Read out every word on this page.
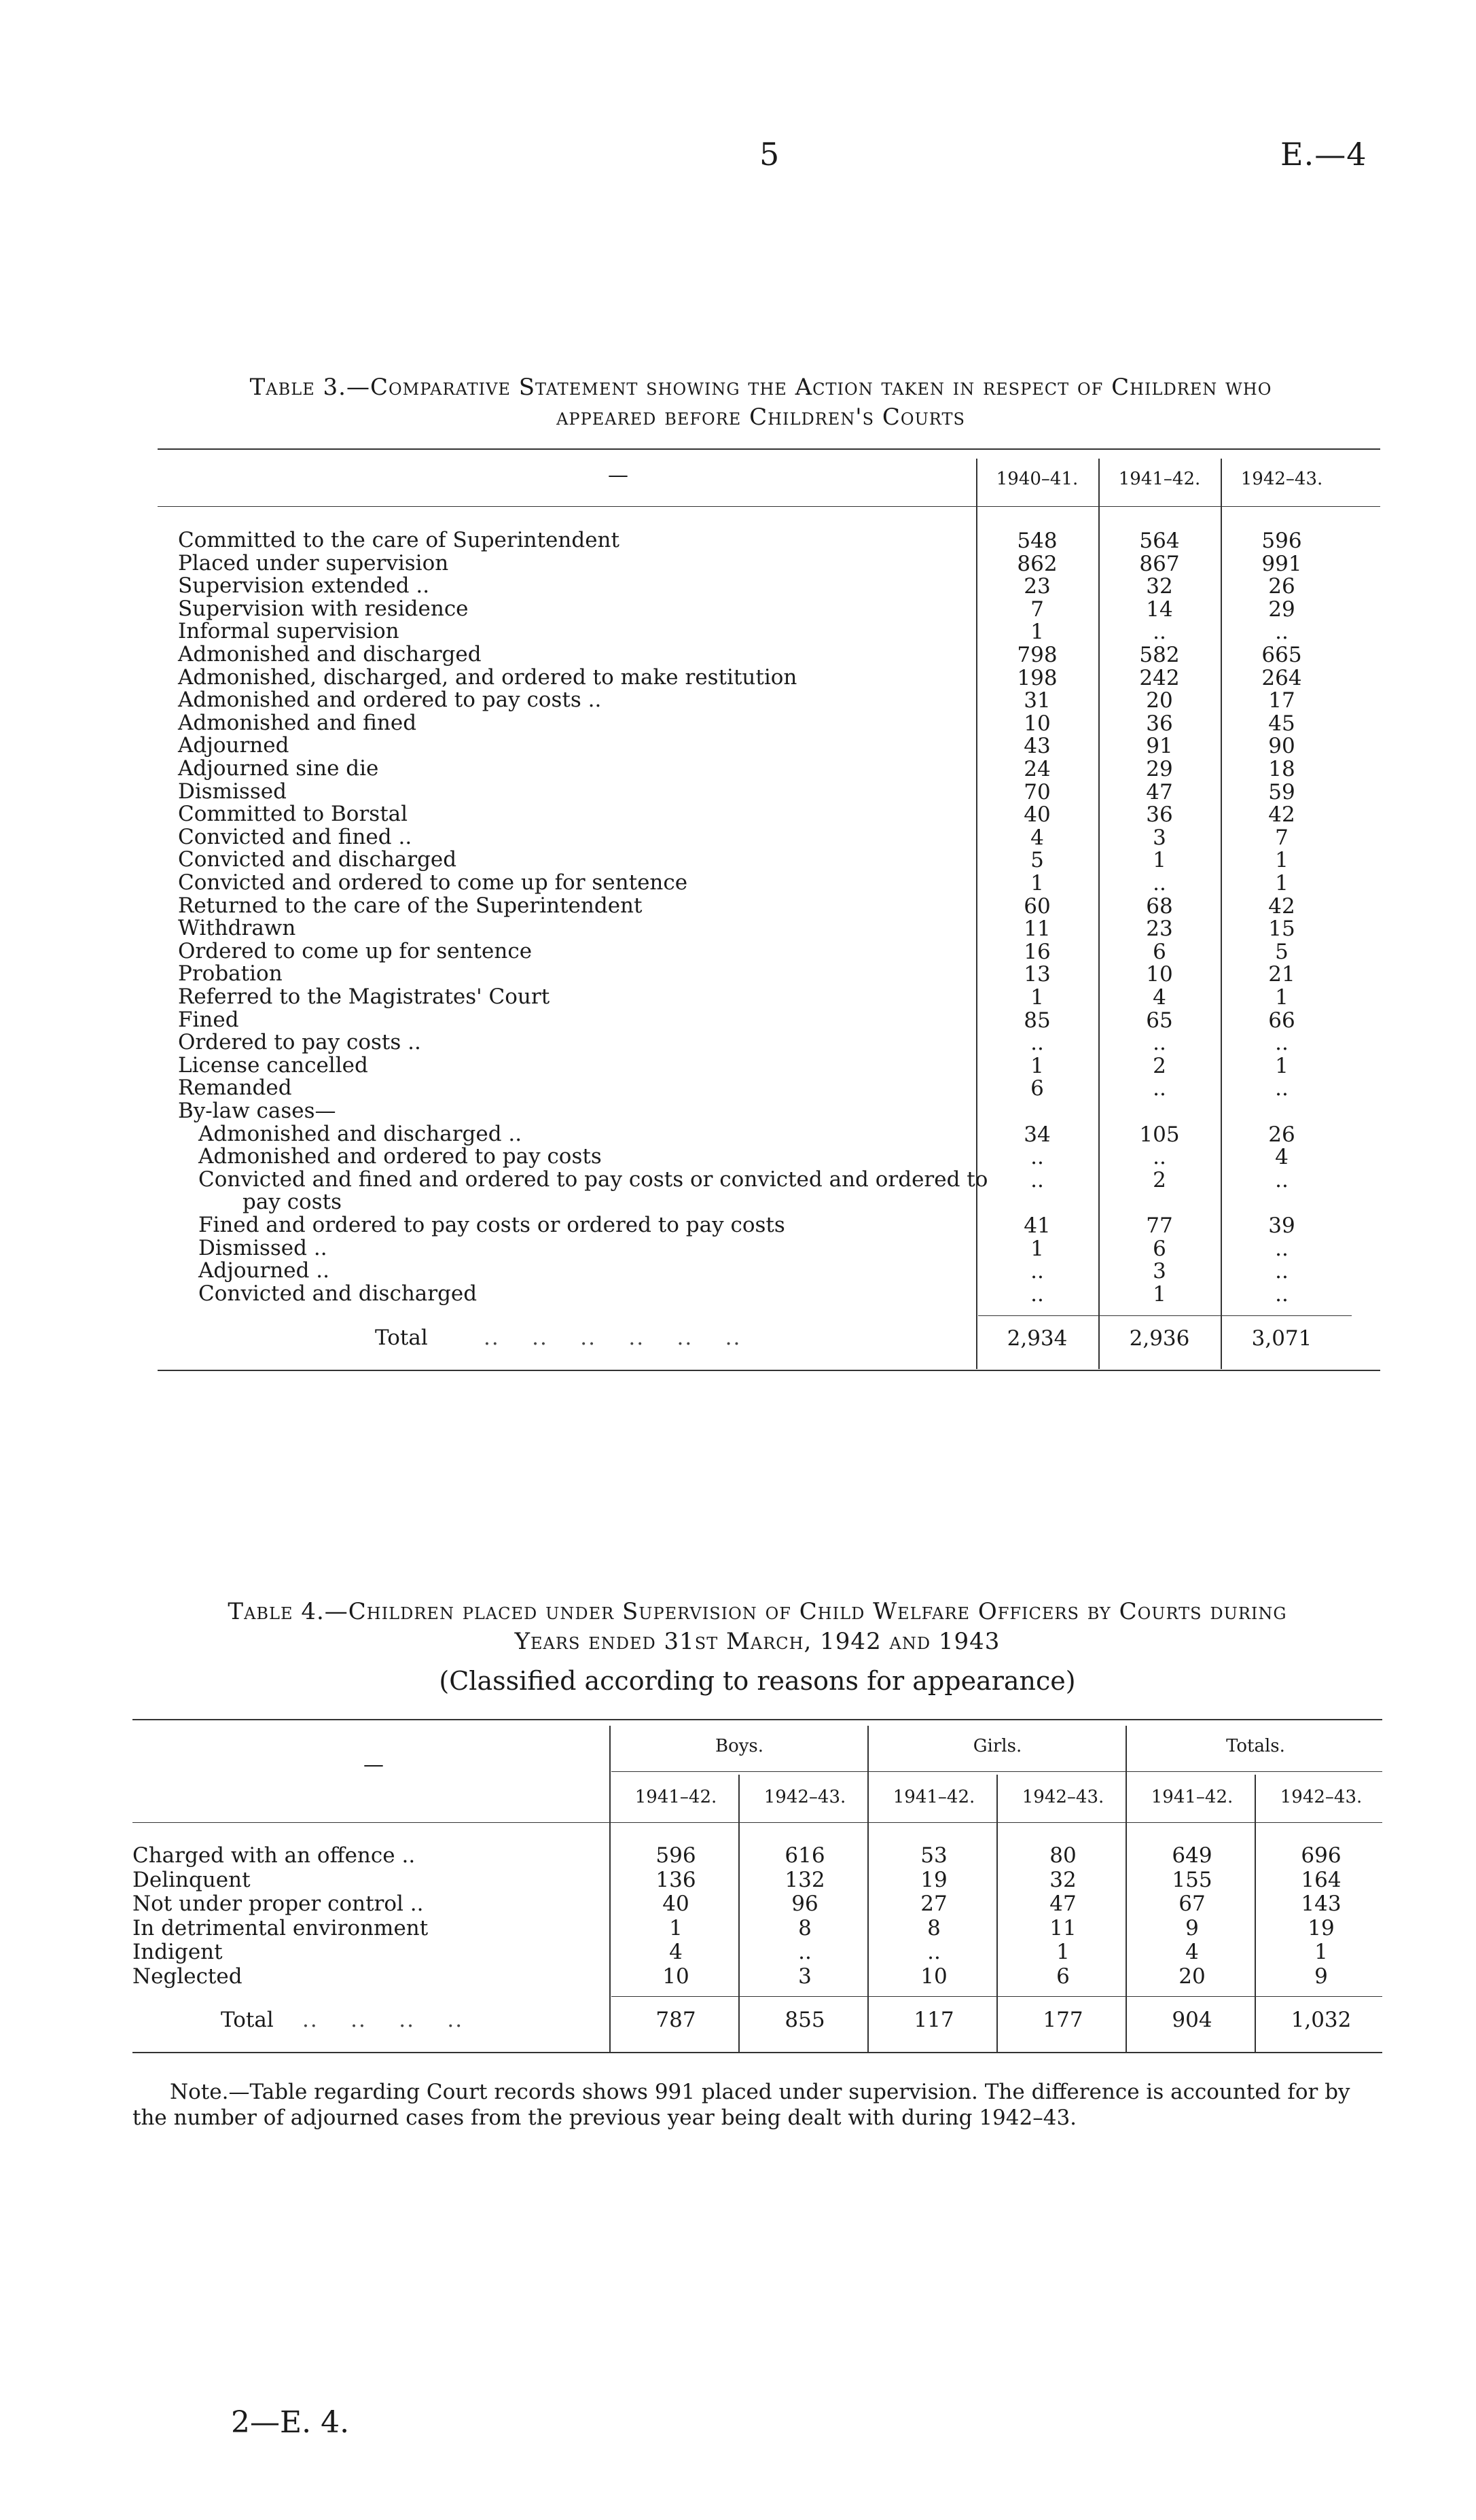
5	E.—4
Table 3.—Comparative Statement showing the Action taken in respect of Children who
appeared before Children's Courts
—	1940–41.	1941–42.	1942–43.
Committed to the care of Superintendent	548	564	596
Placed under supervision	862	867	991
Supervision extended ..	23	32	26
Supervision with residence	7	14	29
Informal supervision	1	..	..
Admonished and discharged	798	582	665
Admonished, discharged, and ordered to make restitution	198	242	264
Admonished and ordered to pay costs ..	31	20	17
Admonished and fined	10	36	45
Adjourned	43	91	90
Adjourned sine die	24	29	18
Dismissed	70	47	59
Committed to Borstal	40	36	42
Convicted and fined ..	4	3	7
Convicted and discharged	5	1	1
Convicted and ordered to come up for sentence	1	..	1
Returned to the care of the Superintendent	60	68	42
Withdrawn	11	23	15
Ordered to come up for sentence	16	6	5
Probation	13	10	21
Referred to the Magistrates' Court	1	4	1
Fined	85	65	66
Ordered to pay costs ..	..	..	..
License cancelled	1	2	1
Remanded	6	..	..
By-law cases—
Admonished and discharged ..	34	105	26
Admonished and ordered to pay costs	..	..	4
Convicted and fined and ordered to pay costs or convicted and ordered to	..	2	..
pay costs
Fined and ordered to pay costs or ordered to pay costs	41	77	39
Dismissed ..	1	6	..
Adjourned ..	..	3	..
Convicted and discharged	..	1	..
Total	..    ..    ..    ..    ..    ..	2,934	2,936	3,071
Table 4.—Children placed under Supervision of Child Welfare Officers by Courts during
Years ended 31st March, 1942 and 1943
(Classified according to reasons for appearance)
—
Boys.	Girls.	Totals.
1941–42.	1942–43.	1941–42.	1942–43.	1941–42.	1942–43.
Charged with an offence ..	596	616	53	80	649	696
Delinquent	136	132	19	32	155	164
Not under proper control ..	40	96	27	47	67	143
In detrimental environment	1	8	8	11	9	19
Indigent	4	..	..	1	4	1
Neglected	10	3	10	6	20	9
Total ..    ..    ..    ..	787	855	117	177	904	1,032
Note.—Table regarding Court records shows 991 placed under supervision. The difference is accounted for by the number of adjourned cases from the previous year being dealt with during 1942–43.
2—E. 4.
